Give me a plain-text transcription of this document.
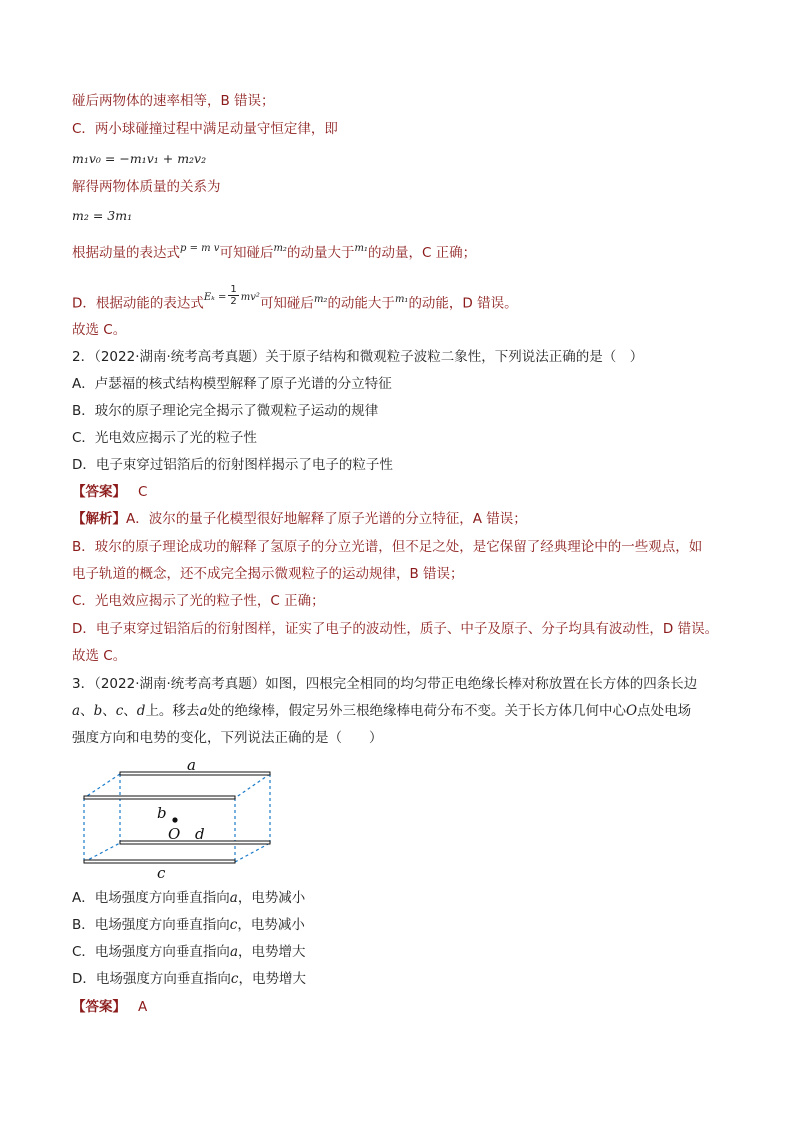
碰后两物体的速率相等，B 错误；
C．两小球碰撞过程中满足动量守恒定律，即
m₁v₀ = −m₁v₁ + m₂v₂
解得两物体质量的关系为
m₂ = 3m₁
根据动量的表达式$^{p = m v}$可知碰后$^{m_2}$的动量大于$^{m_1}$的动量，C 正确；
D．根据动能的表达式$^{E_k =} \frac{1}{2} ^{mv^2}$可知碰后$^{m_2}$的动能大于$^{m_1}$的动能，D 错误。
故选 C。
2．（2022·湖南·统考高考真题）关于原子结构和微观粒子波粒二象性，下列说法正确的是（　）
A．卢瑟福的核式结构模型解释了原子光谱的分立特征
B．玻尔的原子理论完全揭示了微观粒子运动的规律
C．光电效应揭示了光的粒子性
D．电子束穿过铝箔后的衍射图样揭示了电子的粒子性
【答案】 C
【解析】A．波尔的量子化模型很好地解释了原子光谱的分立特征，A 错误；
B．玻尔的原子理论成功的解释了氢原子的分立光谱，但不足之处，是它保留了经典理论中的一些观点，如
电子轨道的概念，还不成完全揭示微观粒子的运动规律，B 错误；
C．光电效应揭示了光的粒子性，C 正确；
D．电子束穿过铝箔后的衍射图样，证实了电子的波动性，质子、中子及原子、分子均具有波动性，D 错误。
故选 C。
3．（2022·湖南·统考高考真题）如图，四根完全相同的均匀带正电绝缘长棒对称放置在长方体的四条长边
a、b、c、d上。移去a处的绝缘棒，假定另外三根绝缘棒电荷分布不变。关于长方体几何中心O点处电场
强度方向和电势的变化，下列说法正确的是（　　）
a
b
O d
c
A．电场强度方向垂直指向a，电势减小
B．电场强度方向垂直指向c，电势减小
C．电场强度方向垂直指向a，电势增大
D．电场强度方向垂直指向c，电势增大
【答案】 A
